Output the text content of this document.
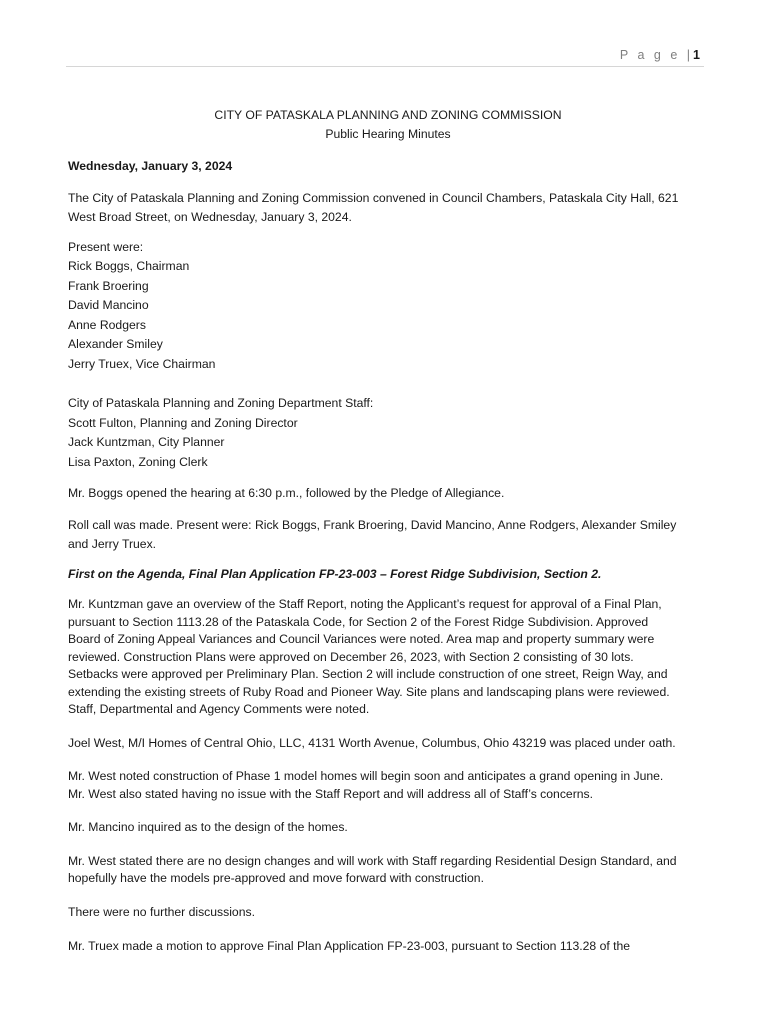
P a g e |1

CITY OF PATASKALA PLANNING AND ZONING COMMISSION

Public Hearing Minutes

Wednesday, January 3, 2024

The City of Pataskala Planning and Zoning Commission convened in Council Chambers, Pataskala City Hall, 621

West Broad Street, on Wednesday, January 3, 2024.

Present were:

Rick Boggs, Chairman

Frank Broering

David Mancino

Anne Rodgers

Alexander Smiley

Jerry Truex, Vice Chairman

City of Pataskala Planning and Zoning Department Staff:

Scott Fulton, Planning and Zoning Director

Jack Kuntzman, City Planner

Lisa Paxton, Zoning Clerk

Mr. Boggs opened the hearing at 6:30 p.m., followed by the Pledge of Allegiance.

Roll call was made. Present were: Rick Boggs, Frank Broering, David Mancino, Anne Rodgers, Alexander Smiley

and Jerry Truex.

First on the Agenda, Final Plan Application FP-23-003 – Forest Ridge Subdivision, Section 2.

Mr. Kuntzman gave an overview of the Staff Report, noting the Applicant’s request for approval of a Final Plan,

pursuant to Section 1113.28 of the Pataskala Code, for Section 2 of the Forest Ridge Subdivision. Approved

Board of Zoning Appeal Variances and Council Variances were noted. Area map and property summary were

reviewed. Construction Plans were approved on December 26, 2023, with Section 2 consisting of 30 lots.

Setbacks were approved per Preliminary Plan. Section 2 will include construction of one street, Reign Way, and

extending the existing streets of Ruby Road and Pioneer Way. Site plans and landscaping plans were reviewed.

Staff, Departmental and Agency Comments were noted.

Joel West, M/I Homes of Central Ohio, LLC, 4131 Worth Avenue, Columbus, Ohio 43219 was placed under oath.

Mr. West noted construction of Phase 1 model homes will begin soon and anticipates a grand opening in June.

Mr. West also stated having no issue with the Staff Report and will address all of Staff’s concerns.

Mr. Mancino inquired as to the design of the homes.

Mr. West stated there are no design changes and will work with Staff regarding Residential Design Standard, and

hopefully have the models pre-approved and move forward with construction.

There were no further discussions.

Mr. Truex made a motion to approve Final Plan Application FP-23-003, pursuant to Section 113.28 of the
